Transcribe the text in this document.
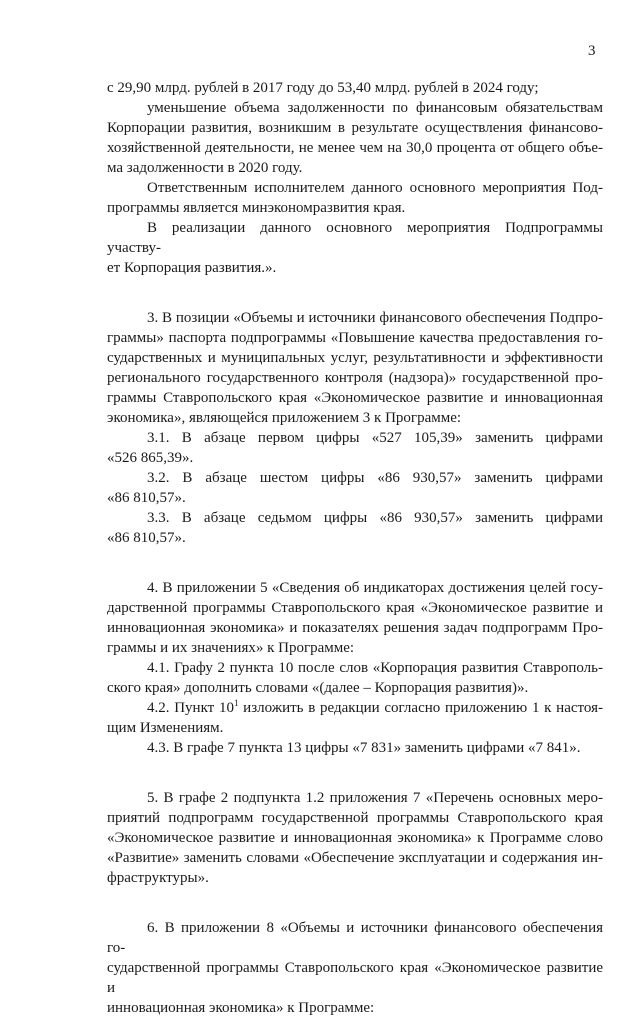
3

с 29,90 млрд. рублей в 2017 году до 53,40 млрд. рублей в 2024 году;

уменьшение объема задолженности по финансовым обязательствам

Корпорации развития, возникшим в результате осуществления финансово-

хозяйственной деятельности, не менее чем на 30,0 процента от общего объе-

ма задолженности в 2020 году.

Ответственным исполнителем данного основного мероприятия Под-

программы является минэкономразвития края.

В реализации данного основного мероприятия Подпрограммы участву-

ет Корпорация развития.».

3. В позиции «Объемы и источники финансового обеспечения Подпро-

граммы» паспорта подпрограммы «Повышение качества предоставления го-

сударственных и муниципальных услуг, результативности и эффективности

регионального государственного контроля (надзора)» государственной про-

граммы Ставропольского края «Экономическое развитие и инновационная

экономика», являющейся приложением 3 к Программе:

3.1. В абзаце первом цифры «527 105,39» заменить цифрами

«526 865,39».

3.2. В абзаце шестом цифры «86 930,57» заменить цифрами

«86 810,57».

3.3. В абзаце седьмом цифры «86 930,57» заменить цифрами

«86 810,57».

4. В приложении 5 «Сведения об индикаторах достижения целей госу-

дарственной программы Ставропольского края «Экономическое развитие и

инновационная экономика» и показателях решения задач подпрограмм Про-

граммы и их значениях» к Программе:

4.1. Графу 2 пункта 10 после слов «Корпорация развития Ставрополь-

ского края» дополнить словами «(далее – Корпорация развития)».

4.2. Пункт $10^1$ изложить в редакции согласно приложению 1 к настоя-

щим Изменениям.

4.3. В графе 7 пункта 13 цифры «7 831» заменить цифрами «7 841».

5. В графе 2 подпункта 1.2 приложения 7 «Перечень основных меро-

приятий подпрограмм государственной программы Ставропольского края

«Экономическое развитие и инновационная экономика» к Программе слово

«Развитие» заменить словами «Обеспечение эксплуатации и содержания ин-

фраструктуры».

6. В приложении 8 «Объемы и источники финансового обеспечения го-

сударственной программы Ставропольского края «Экономическое развитие и

инновационная экономика» к Программе:
